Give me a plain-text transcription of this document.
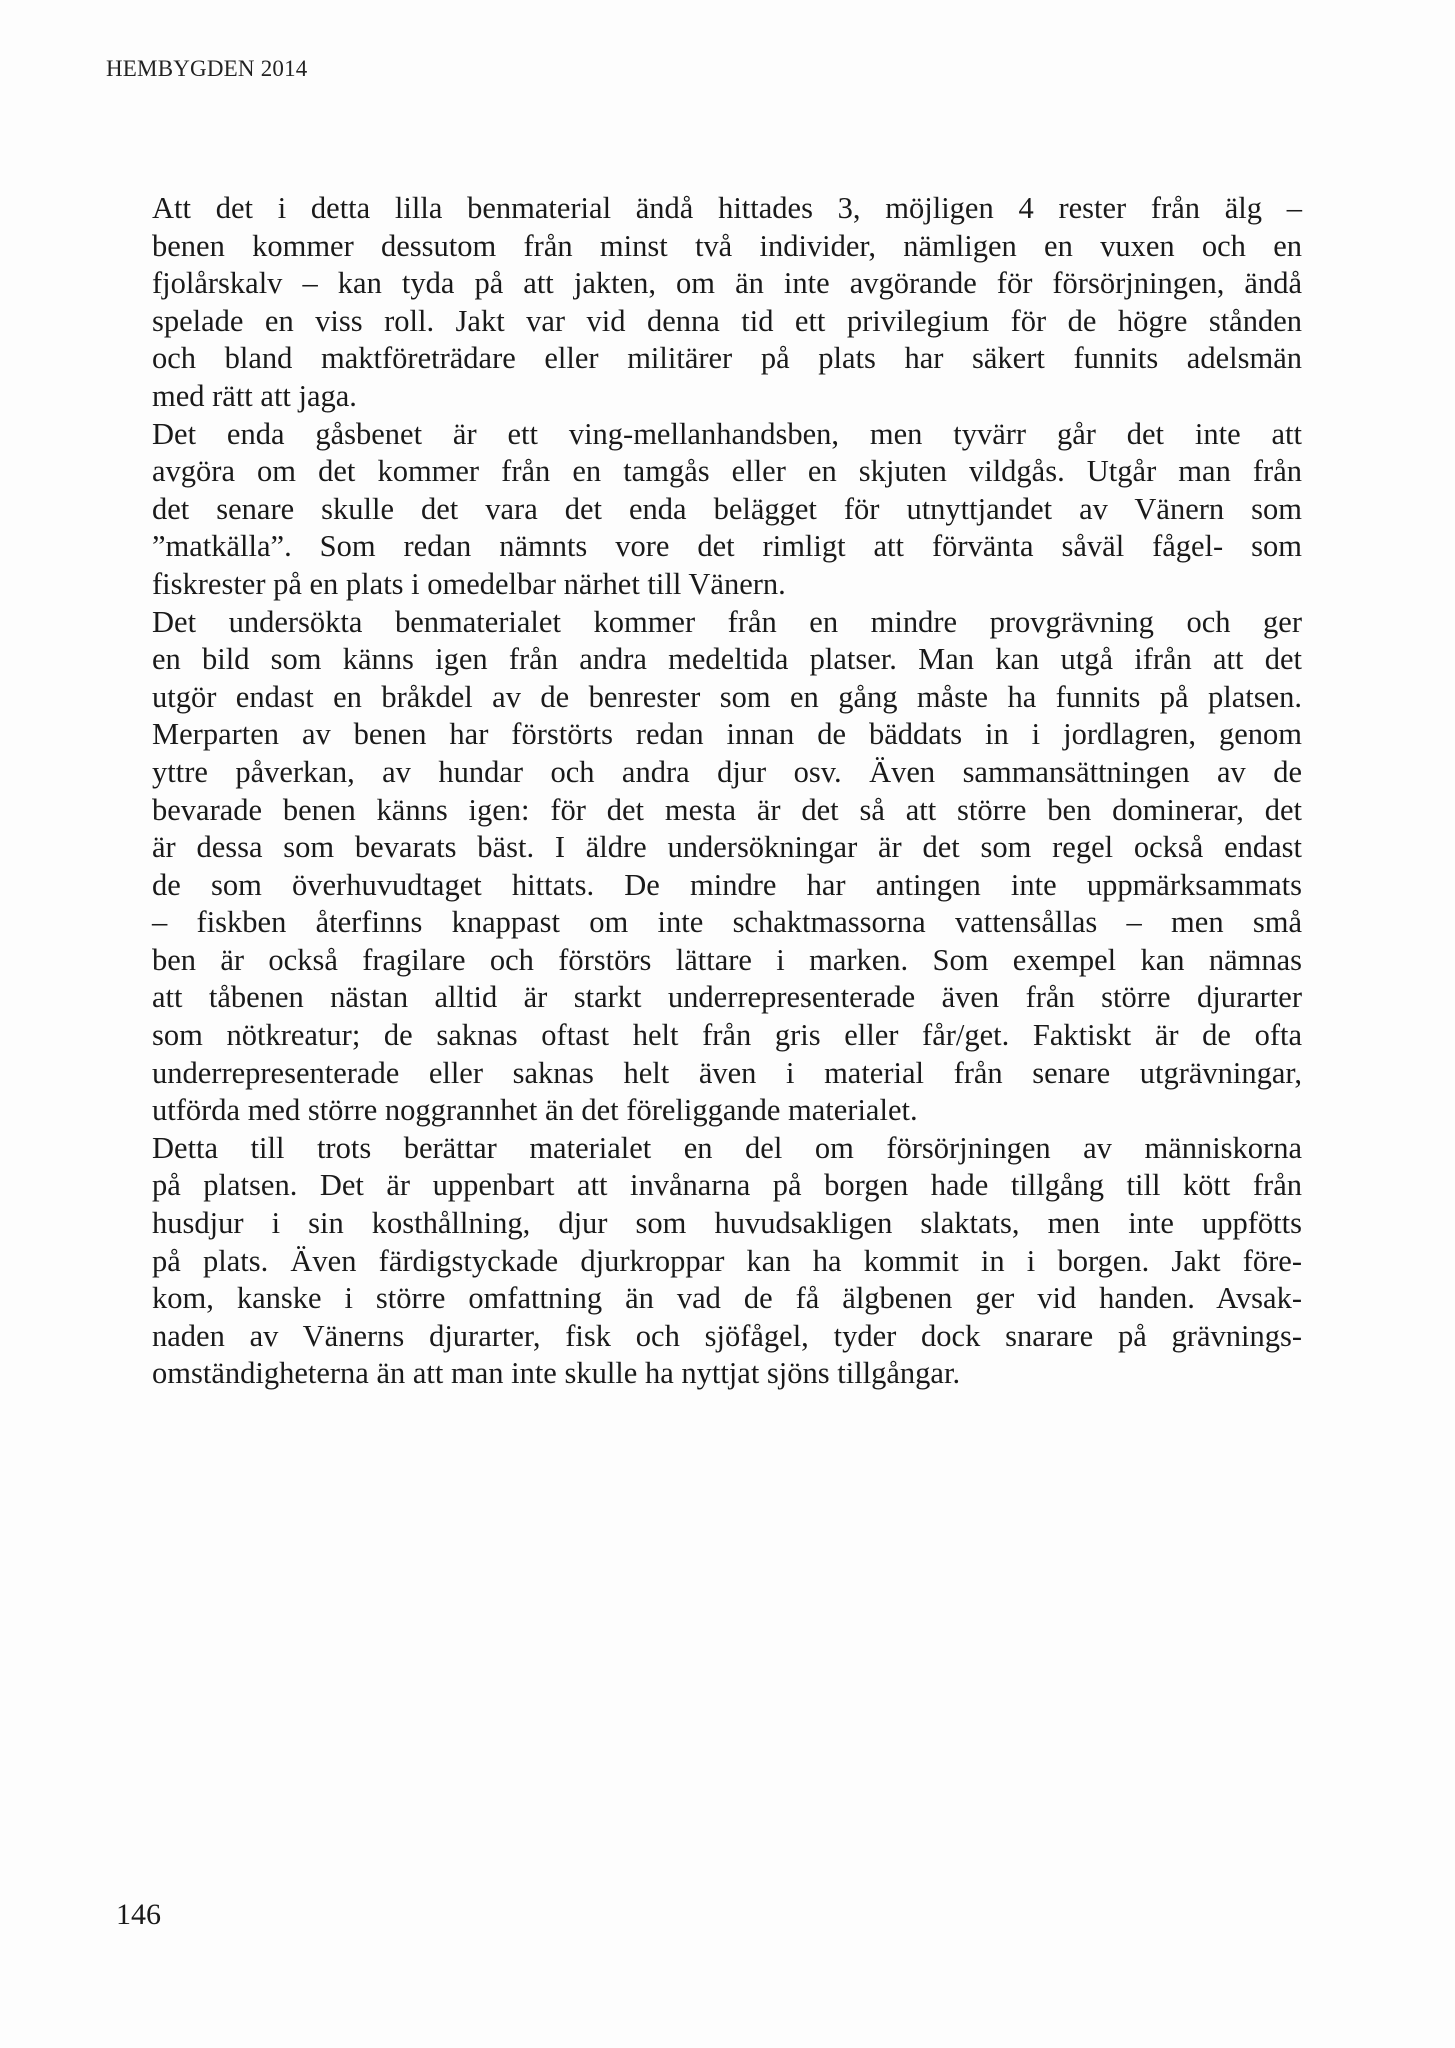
HEMBYGDEN 2014
Att det i detta lilla benmaterial ändå hittades 3, möjligen 4 rester från älg –
benen kommer dessutom från minst två individer, nämligen en vuxen och en
fjolårskalv – kan tyda på att jakten, om än inte avgörande för försörjningen, ändå
spelade en viss roll. Jakt var vid denna tid ett privilegium för de högre stånden
och bland maktföreträdare eller militärer på plats har säkert funnits adelsmän
med rätt att jaga.
Det enda gåsbenet är ett ving-mellanhandsben, men tyvärr går det inte att
avgöra om det kommer från en tamgås eller en skjuten vildgås. Utgår man från
det senare skulle det vara det enda belägget för utnyttjandet av Vänern som
”matkälla”. Som redan nämnts vore det rimligt att förvänta såväl fågel- som
fiskrester på en plats i omedelbar närhet till Vänern.
Det undersökta benmaterialet kommer från en mindre provgrävning och ger
en bild som känns igen från andra medeltida platser. Man kan utgå ifrån att det
utgör endast en bråkdel av de benrester som en gång måste ha funnits på platsen.
Merparten av benen har förstörts redan innan de bäddats in i jordlagren, genom
yttre påverkan, av hundar och andra djur osv. Även sammansättningen av de
bevarade benen känns igen: för det mesta är det så att större ben dominerar, det
är dessa som bevarats bäst. I äldre undersökningar är det som regel också endast
de som överhuvudtaget hittats. De mindre har antingen inte uppmärksammats
– fiskben återfinns knappast om inte schaktmassorna vattensållas – men små
ben är också fragilare och förstörs lättare i marken. Som exempel kan nämnas
att tåbenen nästan alltid är starkt underrepresenterade även från större djurarter
som nötkreatur; de saknas oftast helt från gris eller får/get. Faktiskt är de ofta
underrepresenterade eller saknas helt även i material från senare utgrävningar,
utförda med större noggrannhet än det föreliggande materialet.
Detta till trots berättar materialet en del om försörjningen av människorna
på platsen. Det är uppenbart att invånarna på borgen hade tillgång till kött från
husdjur i sin kosthållning, djur som huvudsakligen slaktats, men inte uppfötts
på plats. Även färdigstyckade djurkroppar kan ha kommit in i borgen. Jakt före-
kom, kanske i större omfattning än vad de få älgbenen ger vid handen. Avsak-
naden av Vänerns djurarter, fisk och sjöfågel, tyder dock snarare på grävnings-
omständigheterna än att man inte skulle ha nyttjat sjöns tillgångar.
146
